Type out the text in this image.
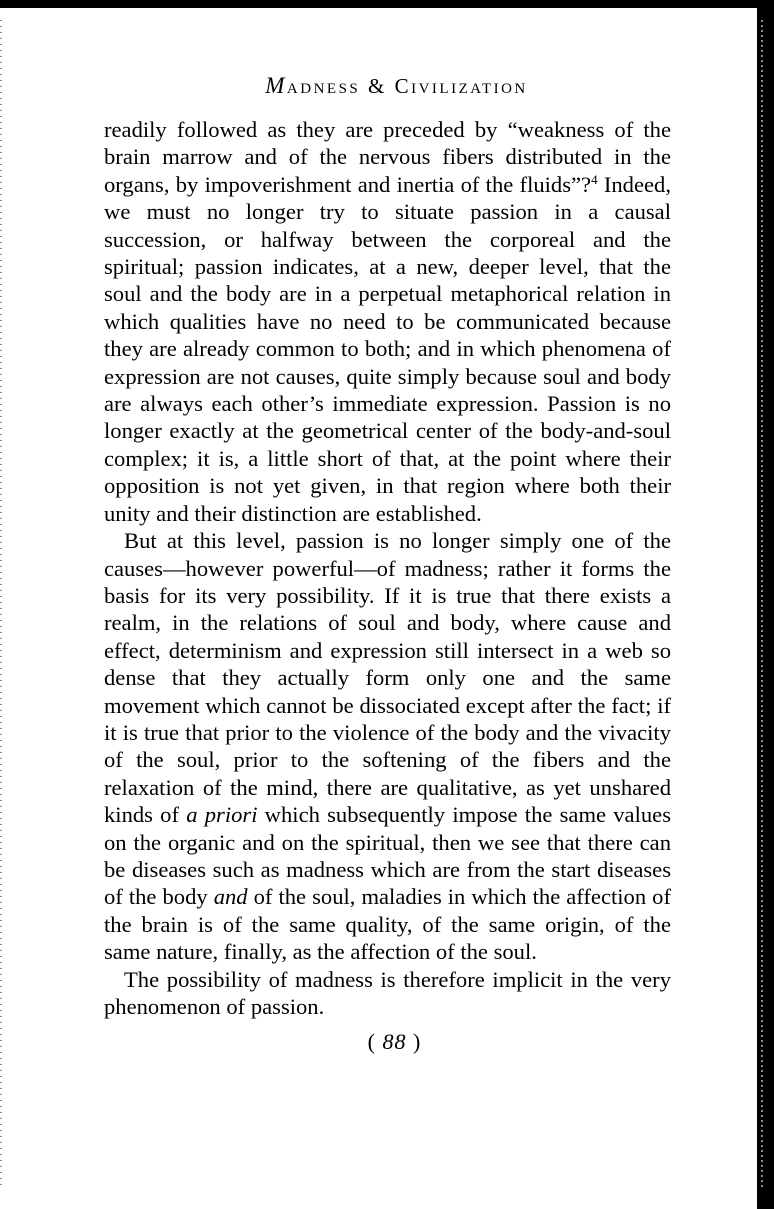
Madness & Civilization

readily followed as they are preceded by “weakness of the brain marrow and of the nervous fibers distributed in the organs, by impoverishment and inertia of the fluids”?$^4$ Indeed, we must no longer try to situate passion in a causal succession, or halfway between the corporeal and the spiritual; passion indicates, at a new, deeper level, that the soul and the body are in a perpetual metaphorical relation in which qualities have no need to be communicated because they are already common to both; and in which phenomena of expression are not causes, quite simply because soul and body are always each other’s immediate expression. Passion is no longer exactly at the geometrical center of the body-and-soul complex; it is, a little short of that, at the point where their opposition is not yet given, in that region where both their unity and their distinction are established.

But at this level, passion is no longer simply one of the causes—however powerful—of madness; rather it forms the basis for its very possibility. If it is true that there exists a realm, in the relations of soul and body, where cause and effect, determinism and expression still intersect in a web so dense that they actually form only one and the same movement which cannot be dissociated except after the fact; if it is true that prior to the violence of the body and the vivacity of the soul, prior to the softening of the fibers and the relaxation of the mind, there are qualitative, as yet unshared kinds of a priori which subsequently impose the same values on the organic and on the spiritual, then we see that there can be diseases such as madness which are from the start diseases of the body and of the soul, maladies in which the affection of the brain is of the same quality, of the same origin, of the same nature, finally, as the affection of the soul.

The possibility of madness is therefore implicit in the very phenomenon of passion.

( 88 )
